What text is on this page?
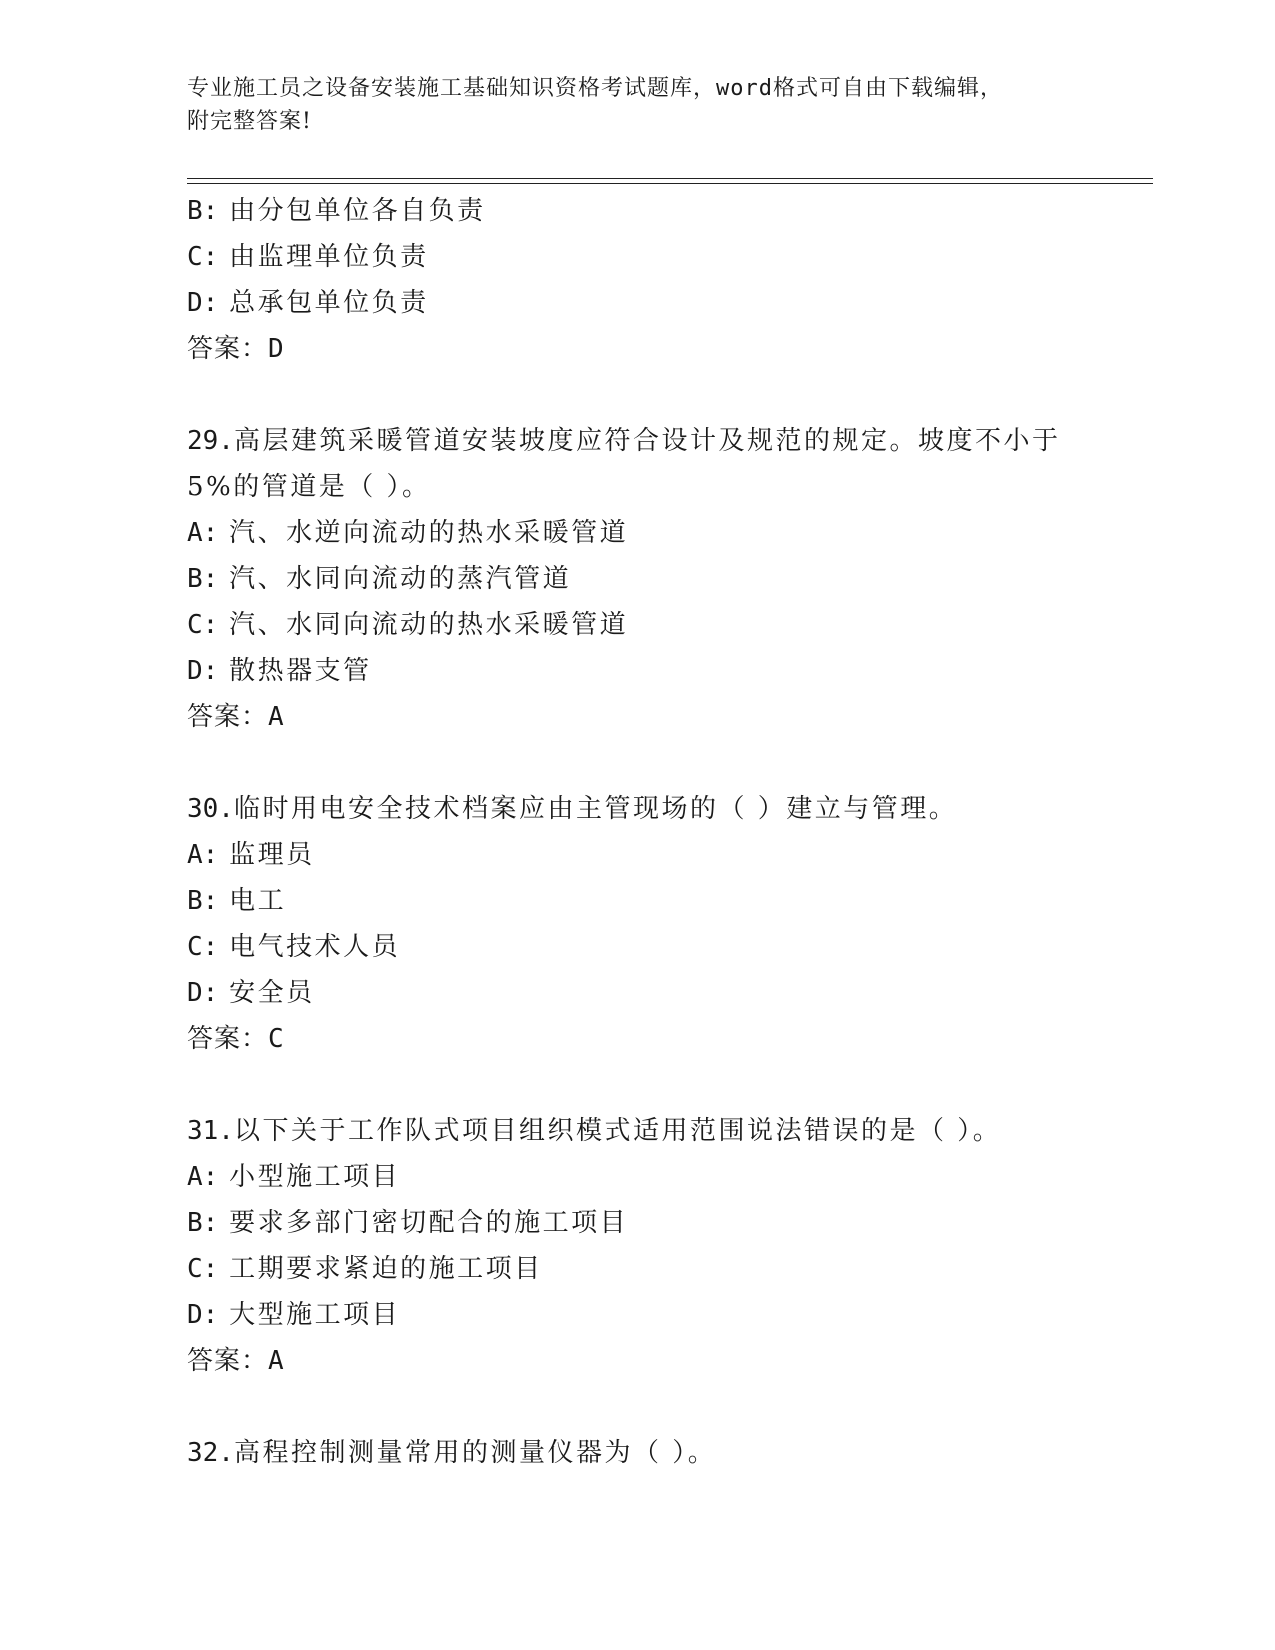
专业施工员之设备安装施工基础知识资格考试题库，word格式可自由下载编辑，
附完整答案!
B: 由分包单位各自负责
C: 由监理单位负责
D: 总承包单位负责
答案：D
29.高层建筑采暖管道安装坡度应符合设计及规范的规定。坡度不小于
5%的管道是（ ）。
A: 汽、水逆向流动的热水采暖管道
B: 汽、水同向流动的蒸汽管道
C: 汽、水同向流动的热水采暖管道
D: 散热器支管
答案：A
30.临时用电安全技术档案应由主管现场的（ ）建立与管理。
A: 监理员
B: 电工
C: 电气技术人员
D: 安全员
答案：C
31.以下关于工作队式项目组织模式适用范围说法错误的是（ ）。
A: 小型施工项目
B: 要求多部门密切配合的施工项目
C: 工期要求紧迫的施工项目
D: 大型施工项目
答案：A
32.高程控制测量常用的测量仪器为（ ）。
